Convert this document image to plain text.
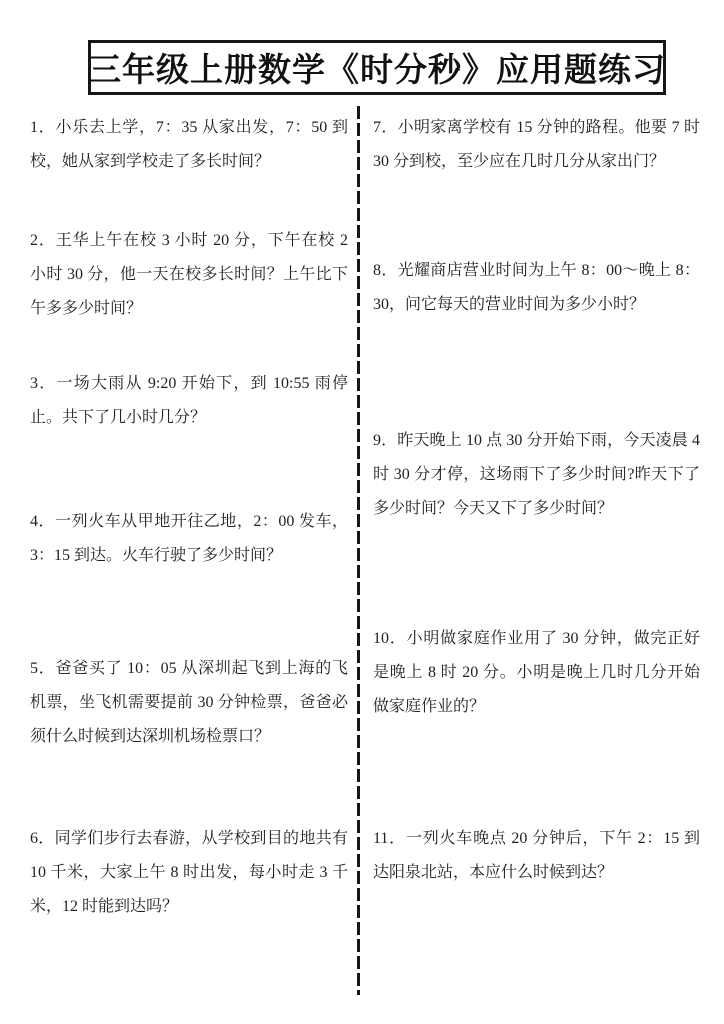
三年级上册数学《时分秒》应用题练习

1．小乐去上学，7：35 从家出发，7：50 到校，她从家到学校走了多长时间？

2．王华上午在校 3 小时 20 分，下午在校 2 小时 30 分，他一天在校多长时间？上午比下午多多少时间？

3．一场大雨从 9:20 开始下，到 10:55 雨停止。共下了几小时几分？

4．一列火车从甲地开往乙地，2：00 发车，3：15 到达。火车行驶了多少时间？

5．爸爸买了 10：05 从深圳起飞到上海的飞机票，坐飞机需要提前 30 分钟检票，爸爸必须什么时候到达深圳机场检票口？

6．同学们步行去春游，从学校到目的地共有 10 千米，大家上午 8 时出发，每小时走 3 千米，12 时能到达吗？

7．小明家离学校有 15 分钟的路程。他要 7 时 30 分到校，至少应在几时几分从家出门？

8．光耀商店营业时间为上午 8：00～晚上 8：30，问它每天的营业时间为多少小时？

9．昨天晚上 10 点 30 分开始下雨，今天凌晨 4 时 30 分才停，这场雨下了多少时间?昨天下了多少时间？今天又下了多少时间？

10．小明做家庭作业用了 30 分钟，做完正好是晚上 8 时 20 分。小明是晚上几时几分开始做家庭作业的？

11．一列火车晚点 20 分钟后，下午 2：15 到达阳泉北站，本应什么时候到达？
